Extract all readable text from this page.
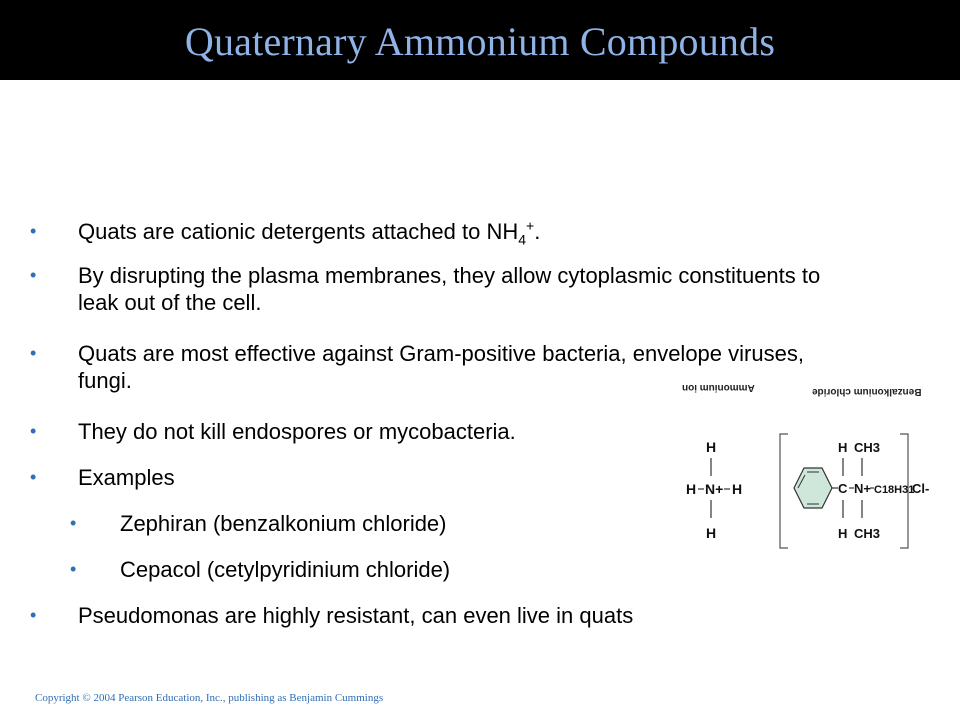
Quaternary Ammonium Compounds
• Quats are cationic detergents attached to $NH_4^+$.
• By disrupting the plasma membranes, they allow cytoplasmic constituents to leak out of the cell.
• Quats are most effective against Gram-positive bacteria, envelope viruses, fungi.
• They do not kill endospores or mycobacteria.
• Examples
• Zephiran (benzalkonium chloride)
• Cepacol (cetylpyridinium chloride)
• Pseudomonas are highly resistant, can even live in quats
Ammonium ion	Benzalkonium chloride
H
H N+ H
H
H CH3
C N+ C18H31
Cl-
H CH3
Copyright © 2004 Pearson Education, Inc., publishing as Benjamin Cummings
